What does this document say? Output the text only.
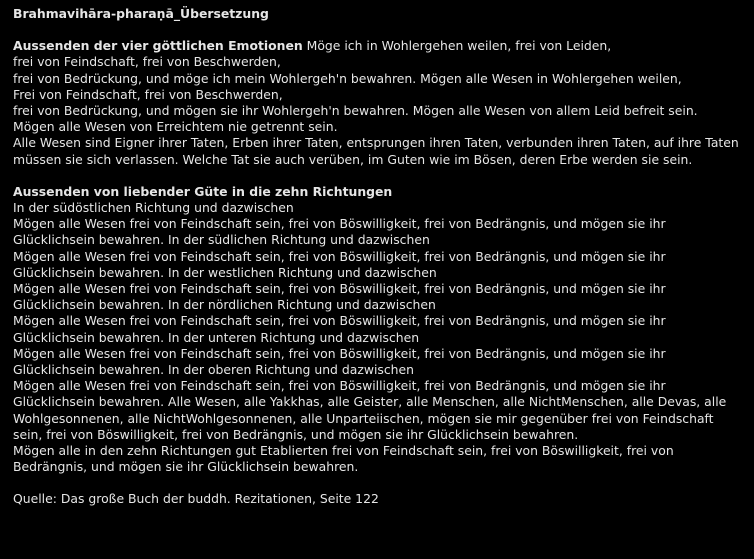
Brahmavihāra-pharaṇā_Übersetzung
Aussenden der vier göttlichen Emotionen Möge ich in Wohlergehen weilen, frei von Leiden,
frei von Feindschaft, frei von Beschwerden,
frei von Bedrückung, und möge ich mein Wohlergeh'n bewahren. Mögen alle Wesen in Wohlergehen weilen,
Frei von Feindschaft, frei von Beschwerden,
frei von Bedrückung, und mögen sie ihr Wohlergeh'n bewahren. Mögen alle Wesen von allem Leid befreit sein.
Mögen alle Wesen von Erreichtem nie getrennt sein.
Alle Wesen sind Eigner ihrer Taten, Erben ihrer Taten, entsprungen ihren Taten, verbunden ihren Taten, auf ihre Taten müssen sie sich verlassen. Welche Tat sie auch verüben, im Guten wie im Bösen, deren Erbe werden sie sein.
Aussenden von liebender Güte in die zehn Richtungen
In der südöstlichen Richtung und dazwischen
Mögen alle Wesen frei von Feindschaft sein, frei von Böswilligkeit, frei von Bedrängnis, und mögen sie ihr Glücklichsein bewahren. In der südlichen Richtung und dazwischen
Mögen alle Wesen frei von Feindschaft sein, frei von Böswilligkeit, frei von Bedrängnis, und mögen sie ihr Glücklichsein bewahren. In der westlichen Richtung und dazwischen
Mögen alle Wesen frei von Feindschaft sein, frei von Böswilligkeit, frei von Bedrängnis, und mögen sie ihr Glücklichsein bewahren. In der nördlichen Richtung und dazwischen
Mögen alle Wesen frei von Feindschaft sein, frei von Böswilligkeit, frei von Bedrängnis, und mögen sie ihr Glücklichsein bewahren. In der unteren Richtung und dazwischen
Mögen alle Wesen frei von Feindschaft sein, frei von Böswilligkeit, frei von Bedrängnis, und mögen sie ihr Glücklichsein bewahren. In der oberen Richtung und dazwischen
Mögen alle Wesen frei von Feindschaft sein, frei von Böswilligkeit, frei von Bedrängnis, und mögen sie ihr Glücklichsein bewahren. Alle Wesen, alle Yakkhas, alle Geister, alle Menschen, alle NichtMenschen, alle Devas, alle Wohlgesonnenen, alle NichtWohlgesonnenen, alle Unparteiischen, mögen sie mir gegenüber frei von Feindschaft sein, frei von Böswilligkeit, frei von Bedrängnis, und mögen sie ihr Glücklichsein bewahren.
Mögen alle in den zehn Richtungen gut Etablierten frei von Feindschaft sein, frei von Böswilligkeit, frei von Bedrängnis, und mögen sie ihr Glücklichsein bewahren.
Quelle: Das große Buch der buddh. Rezitationen, Seite 122
